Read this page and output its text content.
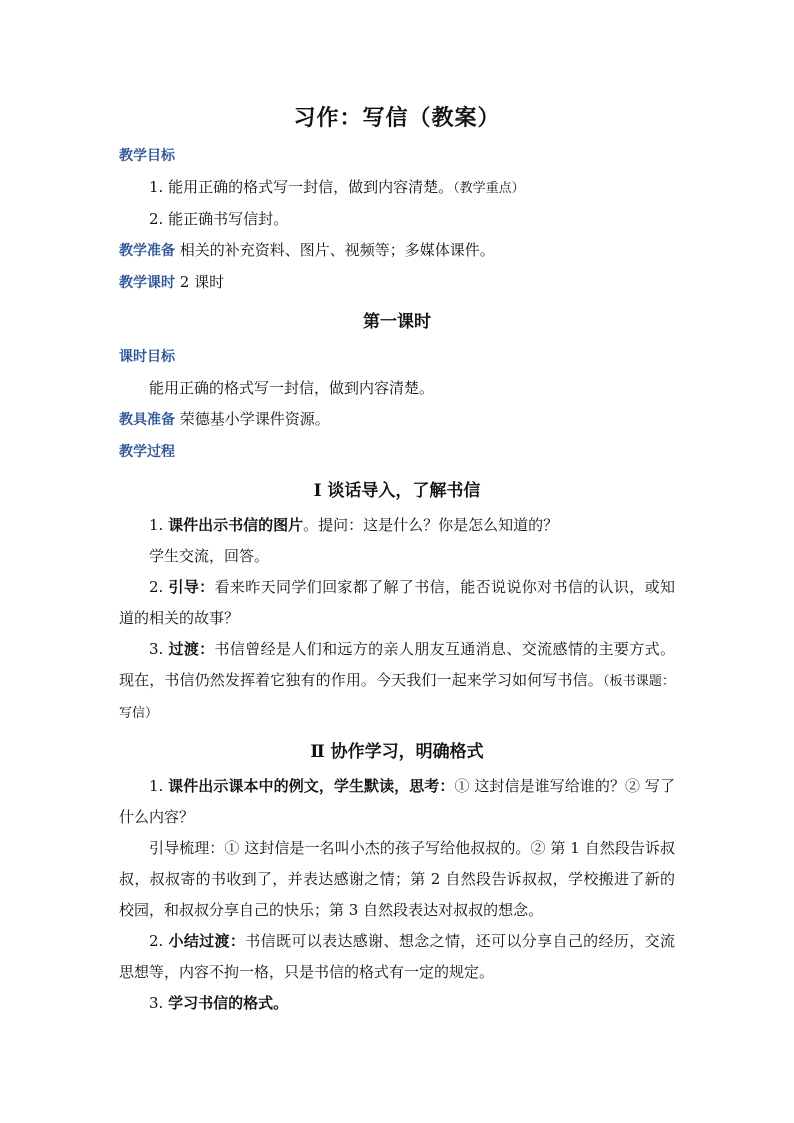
习作：写信（教案）
教学目标
1. 能用正确的格式写一封信，做到内容清楚。（教学重点）
2. 能正确书写信封。
教学准备 相关的补充资料、图片、视频等；多媒体课件。
教学课时 2 课时
第一课时
课时目标
能用正确的格式写一封信，做到内容清楚。
教具准备 荣德基小学课件资源。
教学过程
Ⅰ 谈话导入，了解书信
1. 课件出示书信的图片。提问：这是什么？你是怎么知道的？
学生交流，回答。
2. 引导：看来昨天同学们回家都了解了书信，能否说说你对书信的认识，或知道的相关的故事？
3. 过渡：书信曾经是人们和远方的亲人朋友互通消息、交流感情的主要方式。现在，书信仍然发挥着它独有的作用。今天我们一起来学习如何写书信。（板书课题：写信）
Ⅱ 协作学习，明确格式
1. 课件出示课本中的例文，学生默读，思考：① 这封信是谁写给谁的？② 写了什么内容？
引导梳理：① 这封信是一名叫小杰的孩子写给他叔叔的。② 第 1 自然段告诉叔叔，叔叔寄的书收到了，并表达感谢之情；第 2 自然段告诉叔叔，学校搬进了新的校园，和叔叔分享自己的快乐；第 3 自然段表达对叔叔的想念。
2. 小结过渡：书信既可以表达感谢、想念之情，还可以分享自己的经历，交流思想等，内容不拘一格，只是书信的格式有一定的规定。
3. 学习书信的格式。
